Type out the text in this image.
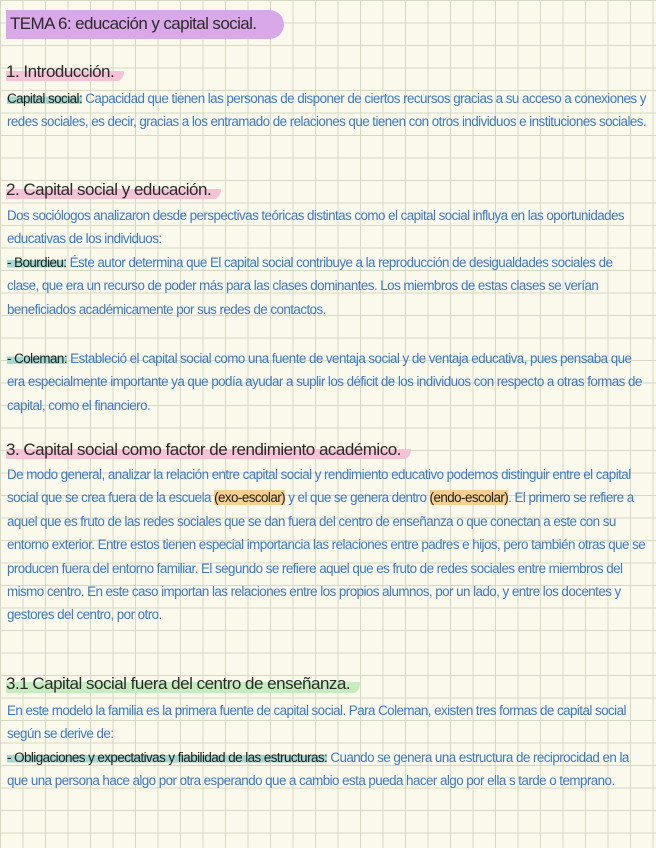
TEMA 6: educación y capital social.
1. Introducción.

Capital social: Capacidad que tienen las personas de disponer de ciertos recursos gracias a su acceso a conexiones y redes sociales, es decir, gracias a los entramado de relaciones que tienen con otros individuos e instituciones sociales.

2. Capital social y educación.

Dos sociólogos analizaron desde perspectivas teóricas distintas como el capital social influya en las oportunidades educativas de los individuos:

- Bourdieu: Éste autor determina que El capital social contribuye a la reproducción de desigualdades sociales de clase, que era un recurso de poder más para las clases dominantes. Los miembros de estas clases se verían beneficiados académicamente por sus redes de contactos.

- Coleman: Estableció el capital social como una fuente de ventaja social y de ventaja educativa, pues pensaba que era especialmente importante ya que podía ayudar a suplir los déficit de los individuos con respecto a otras formas de capital, como el financiero.

3. Capital social como factor de rendimiento académico.

De modo general, analizar la relación entre capital social y rendimiento educativo podemos distinguir entre el capital social que se crea fuera de la escuela (exo-escolar) y el que se genera dentro (endo-escolar). El primero se refiere a aquel que es fruto de las redes sociales que se dan fuera del centro de enseñanza o que conectan a este con su entorno exterior. Entre estos tienen especial importancia las relaciones entre padres e hijos, pero también otras que se producen fuera del entorno familiar. El segundo se refiere aquel que es fruto de redes sociales entre miembros del mismo centro. En este caso importan las relaciones entre los propios alumnos, por un lado, y entre los docentes y gestores del centro, por otro.

3.1 Capital social fuera del centro de enseñanza.

En este modelo la familia es la primera fuente de capital social. Para Coleman, existen tres formas de capital social según se derive de:

- Obligaciones y expectativas y fiabilidad de las estructuras: Cuando se genera una estructura de reciprocidad en la que una persona hace algo por otra esperando que a cambio esta pueda hacer algo por ella s tarde o temprano.
